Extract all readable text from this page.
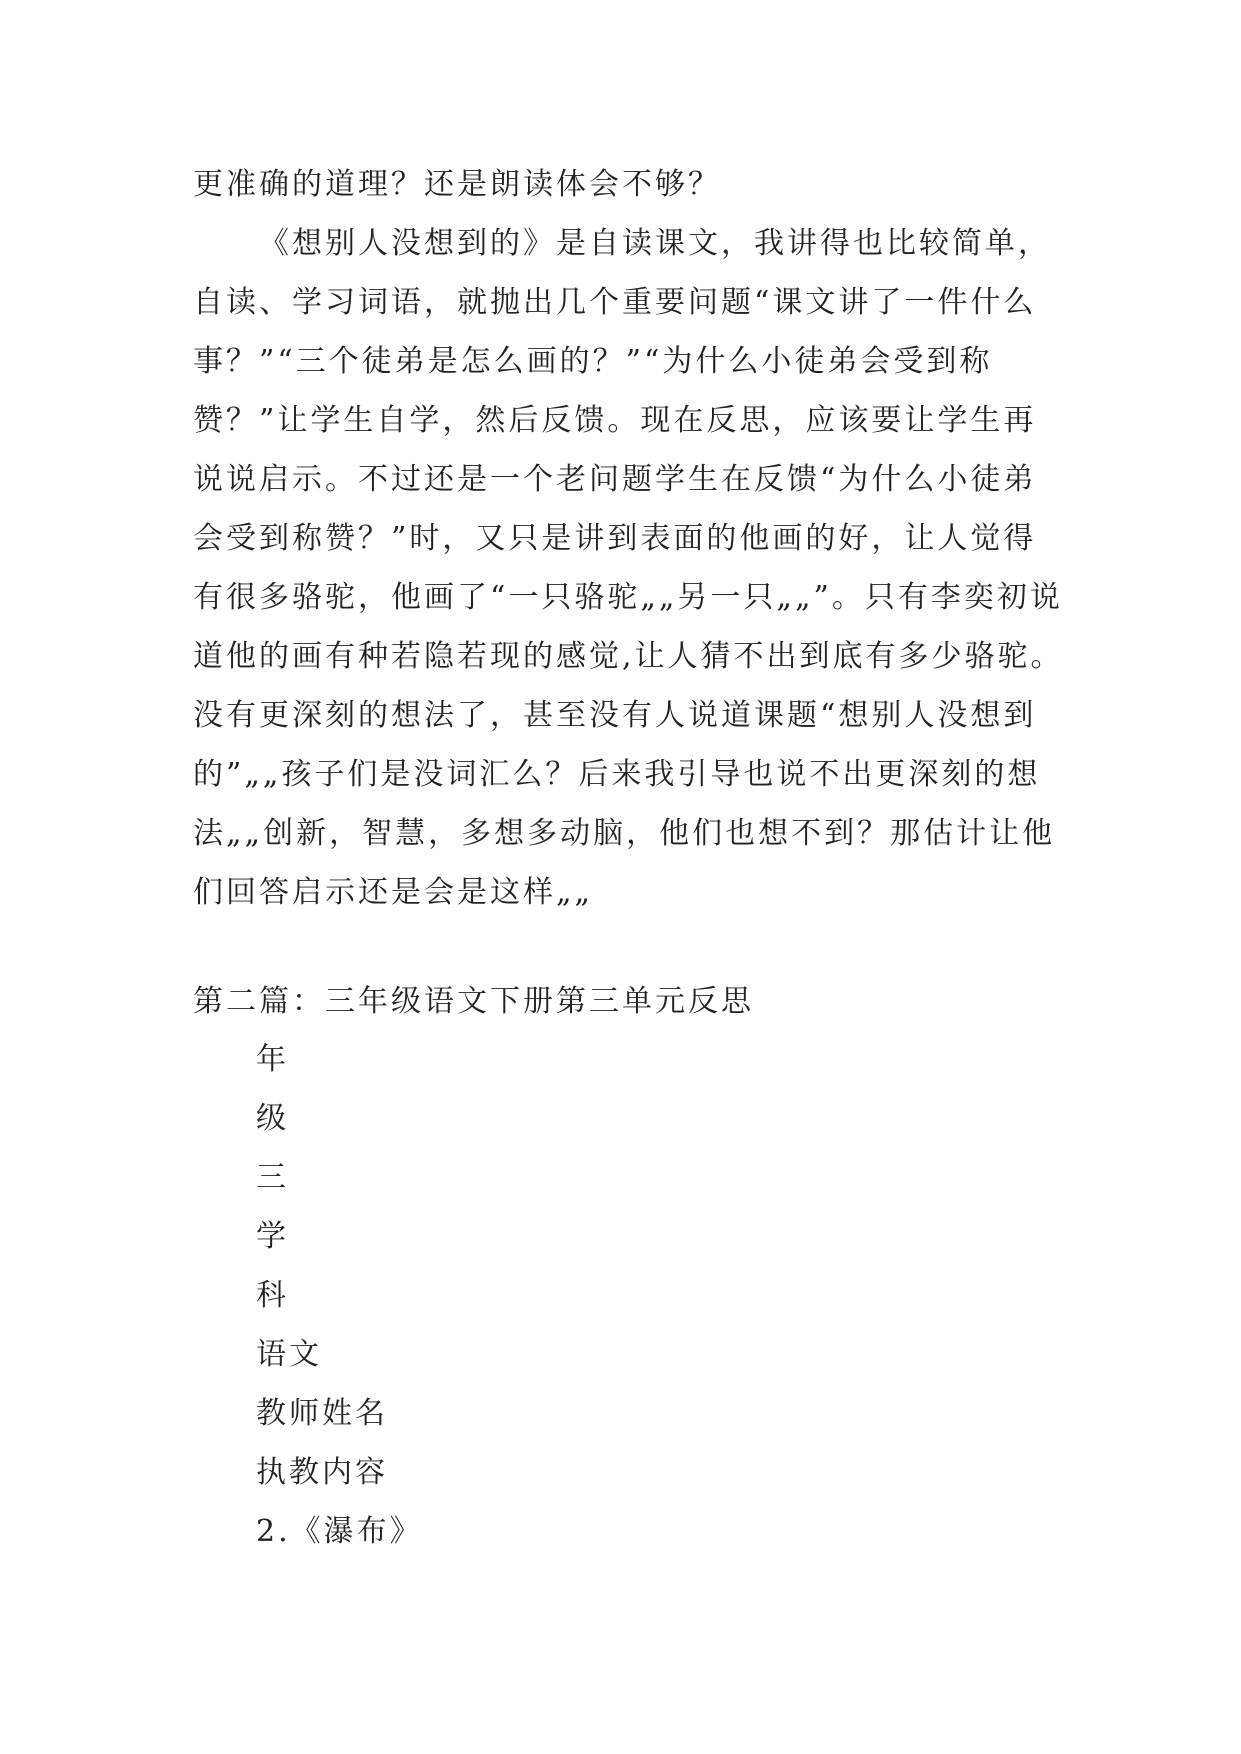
更准确的道理？还是朗读体会不够？
《想别人没想到的》是自读课文，我讲得也比较简单，
自读、学习词语，就抛出几个重要问题“课文讲了一件什么
事？”“三个徒弟是怎么画的？”“为什么小徒弟会受到称
赞？”让学生自学，然后反馈。现在反思，应该要让学生再
说说启示。不过还是一个老问题学生在反馈“为什么小徒弟
会受到称赞？”时，又只是讲到表面的他画的好，让人觉得
有很多骆驼，他画了“一只骆驼„„另一只„„”。只有李奕初说
道他的画有种若隐若现的感觉,让人猜不出到底有多少骆驼。
没有更深刻的想法了，甚至没有人说道课题“想别人没想到
的”„„孩子们是没词汇么？后来我引导也说不出更深刻的想
法„„创新，智慧，多想多动脑，他们也想不到？那估计让他
们回答启示还是会是这样„„
第二篇：三年级语文下册第三单元反思
年
级
三
学
科
语文
教师姓名
执教内容
2.《瀑布》
